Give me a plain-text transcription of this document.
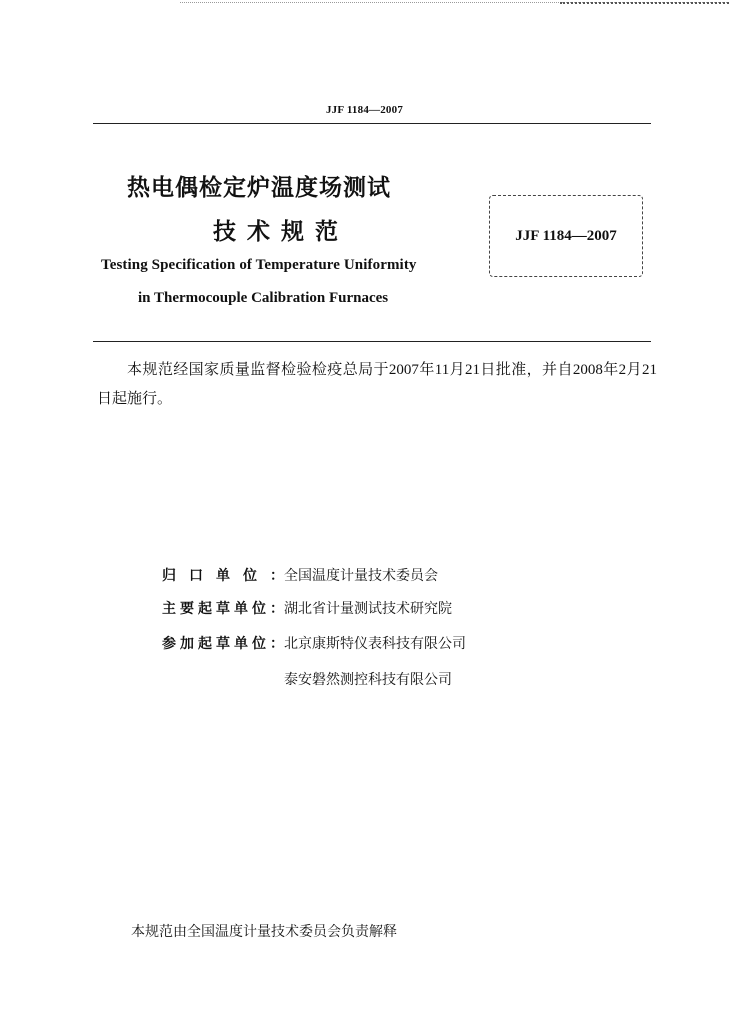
JJF 1184—2007
热电偶检定炉温度场测试
技术规范
Testing Specification of Temperature Uniformity
in Thermocouple Calibration Furnaces
JJF 1184—2007
本规范经国家质量监督检验检疫总局于2007年11月21日批准，并自2008年2月21日起施行。
归口单位： 全国温度计量技术委员会
主要起草单位： 湖北省计量测试技术研究院
参加起草单位： 北京康斯特仪表科技有限公司
泰安磐然测控科技有限公司
本规范由全国温度计量技术委员会负责解释
